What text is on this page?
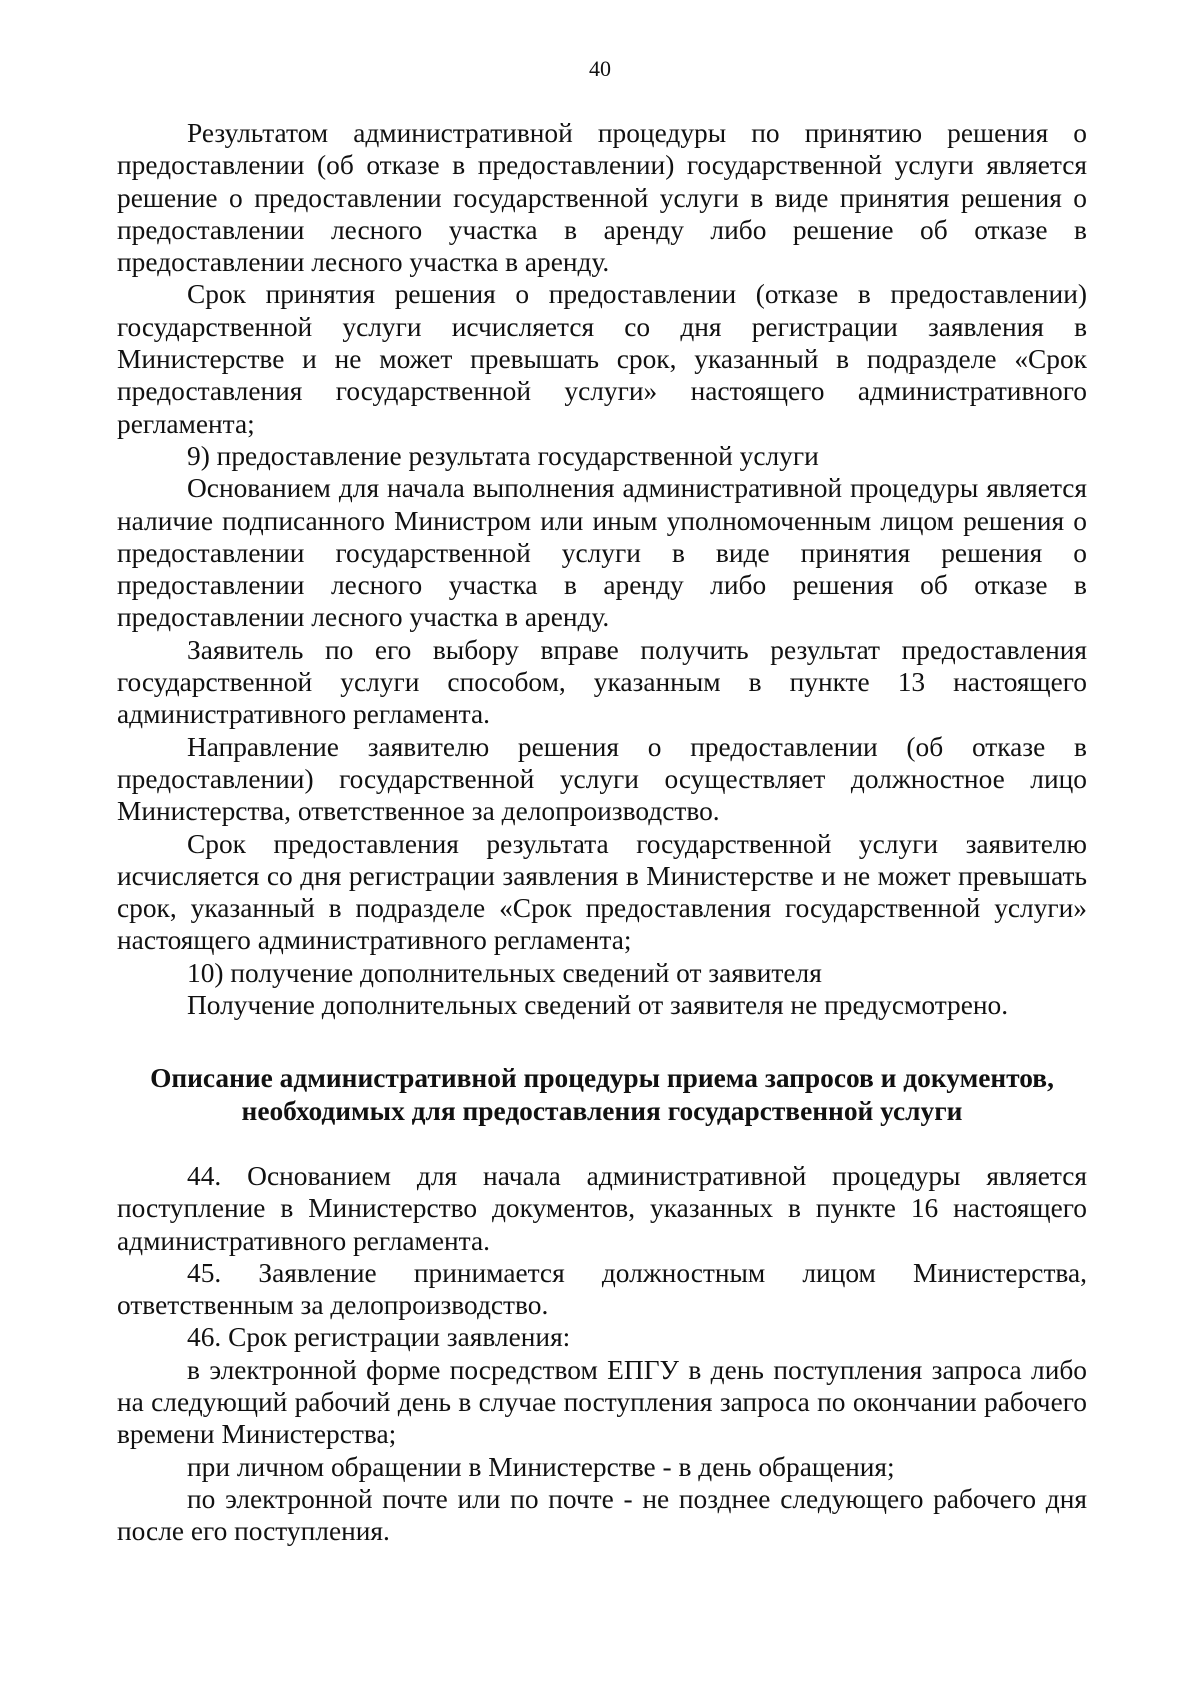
40

Результатом административной процедуры по принятию решения о предоставлении (об отказе в предоставлении) государственной услуги является решение о предоставлении государственной услуги в виде принятия решения о предоставлении лесного участка в аренду либо решение об отказе в предоставлении лесного участка в аренду.

Срок принятия решения о предоставлении (отказе в предоставлении) государственной услуги исчисляется со дня регистрации заявления в Министерстве и не может превышать срок, указанный в подразделе «Срок предоставления государственной услуги» настоящего административного регламента;

9) предоставление результата государственной услуги

Основанием для начала выполнения административной процедуры является наличие подписанного Министром или иным уполномоченным лицом решения о предоставлении государственной услуги в виде принятия решения о предоставлении лесного участка в аренду либо решения об отказе в предоставлении лесного участка в аренду.

Заявитель по его выбору вправе получить результат предоставления государственной услуги способом, указанным в пункте 13 настоящего административного регламента.

Направление заявителю решения о предоставлении (об отказе в предоставлении) государственной услуги осуществляет должностное лицо Министерства, ответственное за делопроизводство.

Срок предоставления результата государственной услуги заявителю исчисляется со дня регистрации заявления в Министерстве и не может превышать срок, указанный в подразделе «Срок предоставления государственной услуги» настоящего административного регламента;

10) получение дополнительных сведений от заявителя

Получение дополнительных сведений от заявителя не предусмотрено.

Описание административной процедуры приема запросов и документов,
необходимых для предоставления государственной услуги

44. Основанием для начала административной процедуры является поступление в Министерство документов, указанных в пункте 16 настоящего административного регламента.

45. Заявление принимается должностным лицом Министерства, ответственным за делопроизводство.

46. Срок регистрации заявления:

в электронной форме посредством ЕПГУ в день поступления запроса либо на следующий рабочий день в случае поступления запроса по окончании рабочего времени Министерства;

при личном обращении в Министерстве - в день обращения;

по электронной почте или по почте - не позднее следующего рабочего дня после его поступления.
